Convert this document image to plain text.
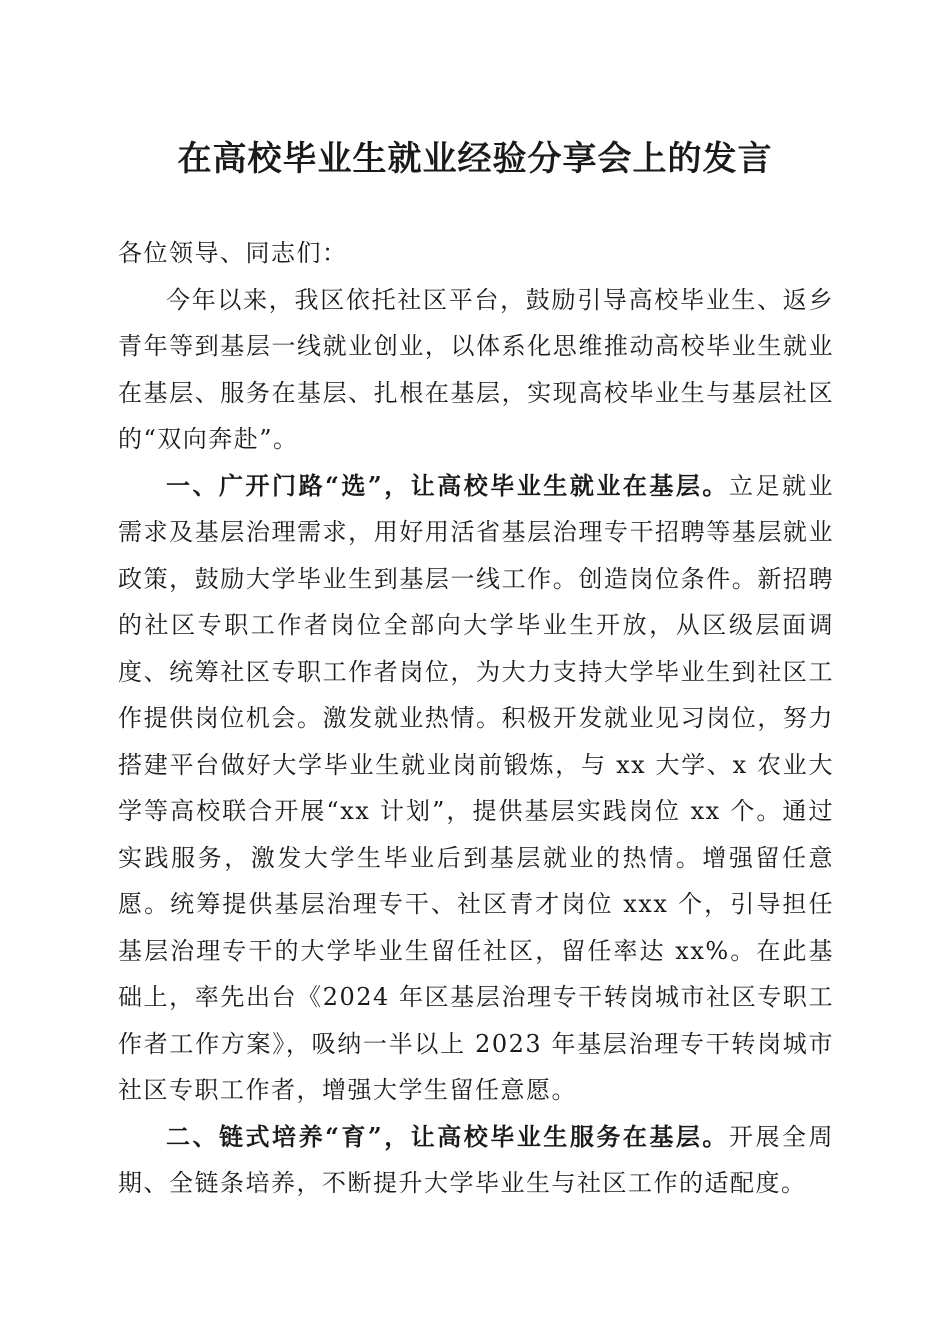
在高校毕业生就业经验分享会上的发言

各位领导、同志们：

今年以来，我区依托社区平台，鼓励引导高校毕业生、返乡青年等到基层一线就业创业，以体系化思维推动高校毕业生就业在基层、服务在基层、扎根在基层，实现高校毕业生与基层社区的“双向奔赴”。

一、广开门路“选”，让高校毕业生就业在基层。立足就业需求及基层治理需求，用好用活省基层治理专干招聘等基层就业政策，鼓励大学毕业生到基层一线工作。创造岗位条件。新招聘的社区专职工作者岗位全部向大学毕业生开放，从区级层面调度、统筹社区专职工作者岗位，为大力支持大学毕业生到社区工作提供岗位机会。激发就业热情。积极开发就业见习岗位，努力搭建平台做好大学毕业生就业岗前锻炼，与 xx 大学、x 农业大学等高校联合开展“xx 计划”，提供基层实践岗位 xx 个。通过实践服务，激发大学生毕业后到基层就业的热情。增强留任意愿。统筹提供基层治理专干、社区青才岗位 xxx 个，引导担任基层治理专干的大学毕业生留任社区，留任率达 xx%。在此基础上，率先出台《2024 年区基层治理专干转岗城市社区专职工作者工作方案》，吸纳一半以上 2023 年基层治理专干转岗城市社区专职工作者，增强大学生留任意愿。

二、链式培养“育”，让高校毕业生服务在基层。开展全周期、全链条培养，不断提升大学毕业生与社区工作的适配度。
